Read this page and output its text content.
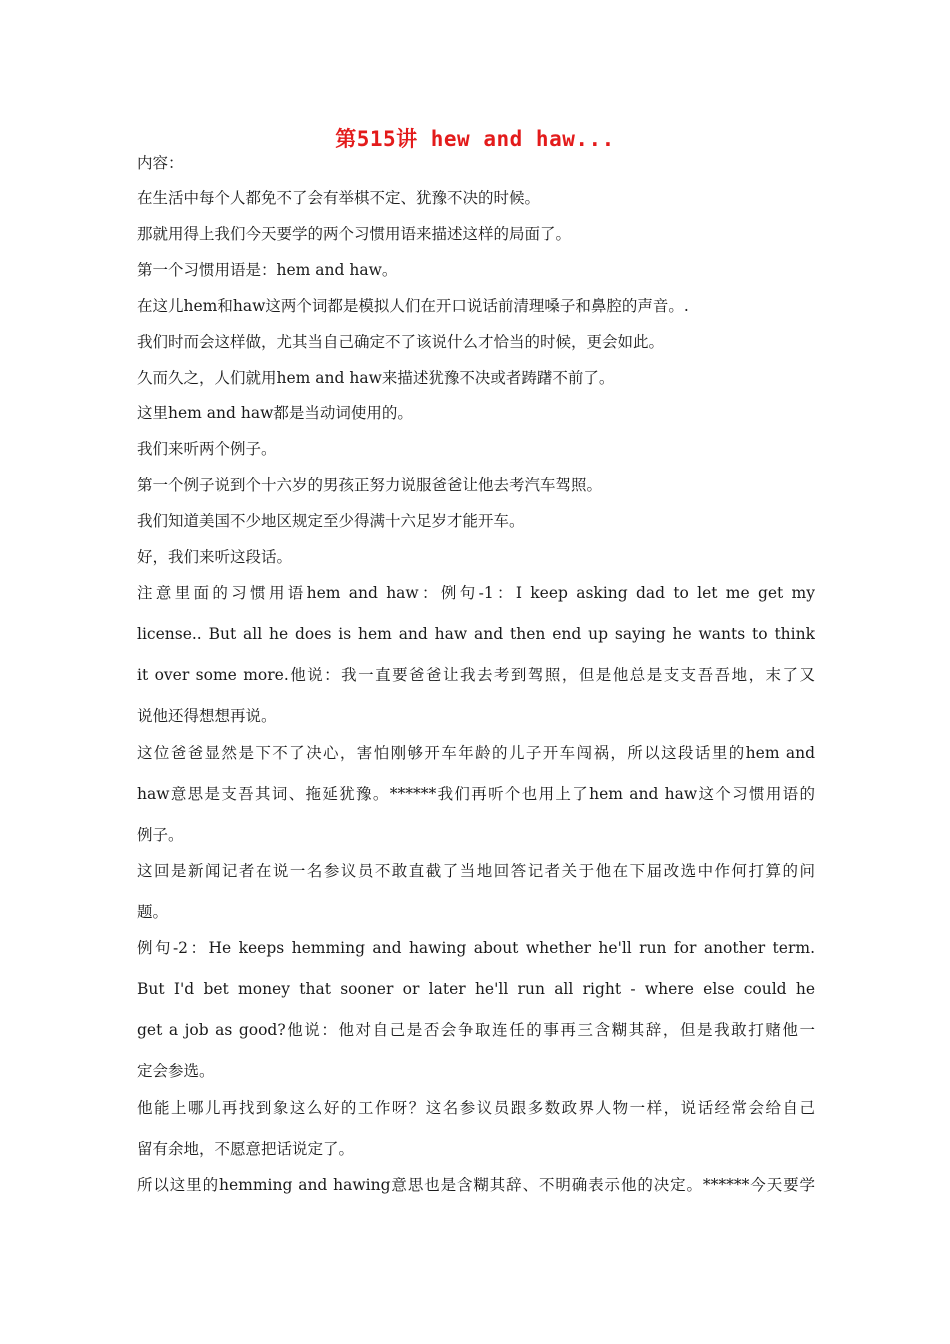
第515讲 hew and haw...
内容：
在生活中每个人都免不了会有举棋不定、犹豫不决的时候。
那就用得上我们今天要学的两个习惯用语来描述这样的局面了。
第一个习惯用语是：hem and haw。
在这儿hem和haw这两个词都是模拟人们在开口说话前清理嗓子和鼻腔的声音。.
我们时而会这样做，尤其当自己确定不了该说什么才恰当的时候，更会如此。
久而久之，人们就用hem and haw来描述犹豫不决或者踌躇不前了。
这里hem and haw都是当动词使用的。
我们来听两个例子。
第一个例子说到个十六岁的男孩正努力说服爸爸让他去考汽车驾照。
我们知道美国不少地区规定至少得满十六足岁才能开车。
好，我们来听这段话。
注意里面的习惯用语hem and haw：例句-1：I keep asking dad to let me get my
license.. But all he does is hem and haw and then end up saying he wants to think
it over some more.他说：我一直要爸爸让我去考到驾照，但是他总是支支吾吾地，末了又
说他还得想想再说。
这位爸爸显然是下不了决心，害怕刚够开车年龄的儿子开车闯祸，所以这段话里的hem and
haw意思是支吾其词、拖延犹豫。******我们再听个也用上了hem and haw这个习惯用语的
例子。
这回是新闻记者在说一名参议员不敢直截了当地回答记者关于他在下届改选中作何打算的问
题。
例句-2：He keeps hemming and hawing about whether he'll run for another term.
But I'd bet money that sooner or later he'll run all right - where else could he
get a job as good?他说：他对自己是否会争取连任的事再三含糊其辞，但是我敢打赌他一
定会参选。
他能上哪儿再找到象这么好的工作呀？这名参议员跟多数政界人物一样，说话经常会给自己
留有余地，不愿意把话说定了。
所以这里的hemming and hawing意思也是含糊其辞、不明确表示他的决定。******今天要学
